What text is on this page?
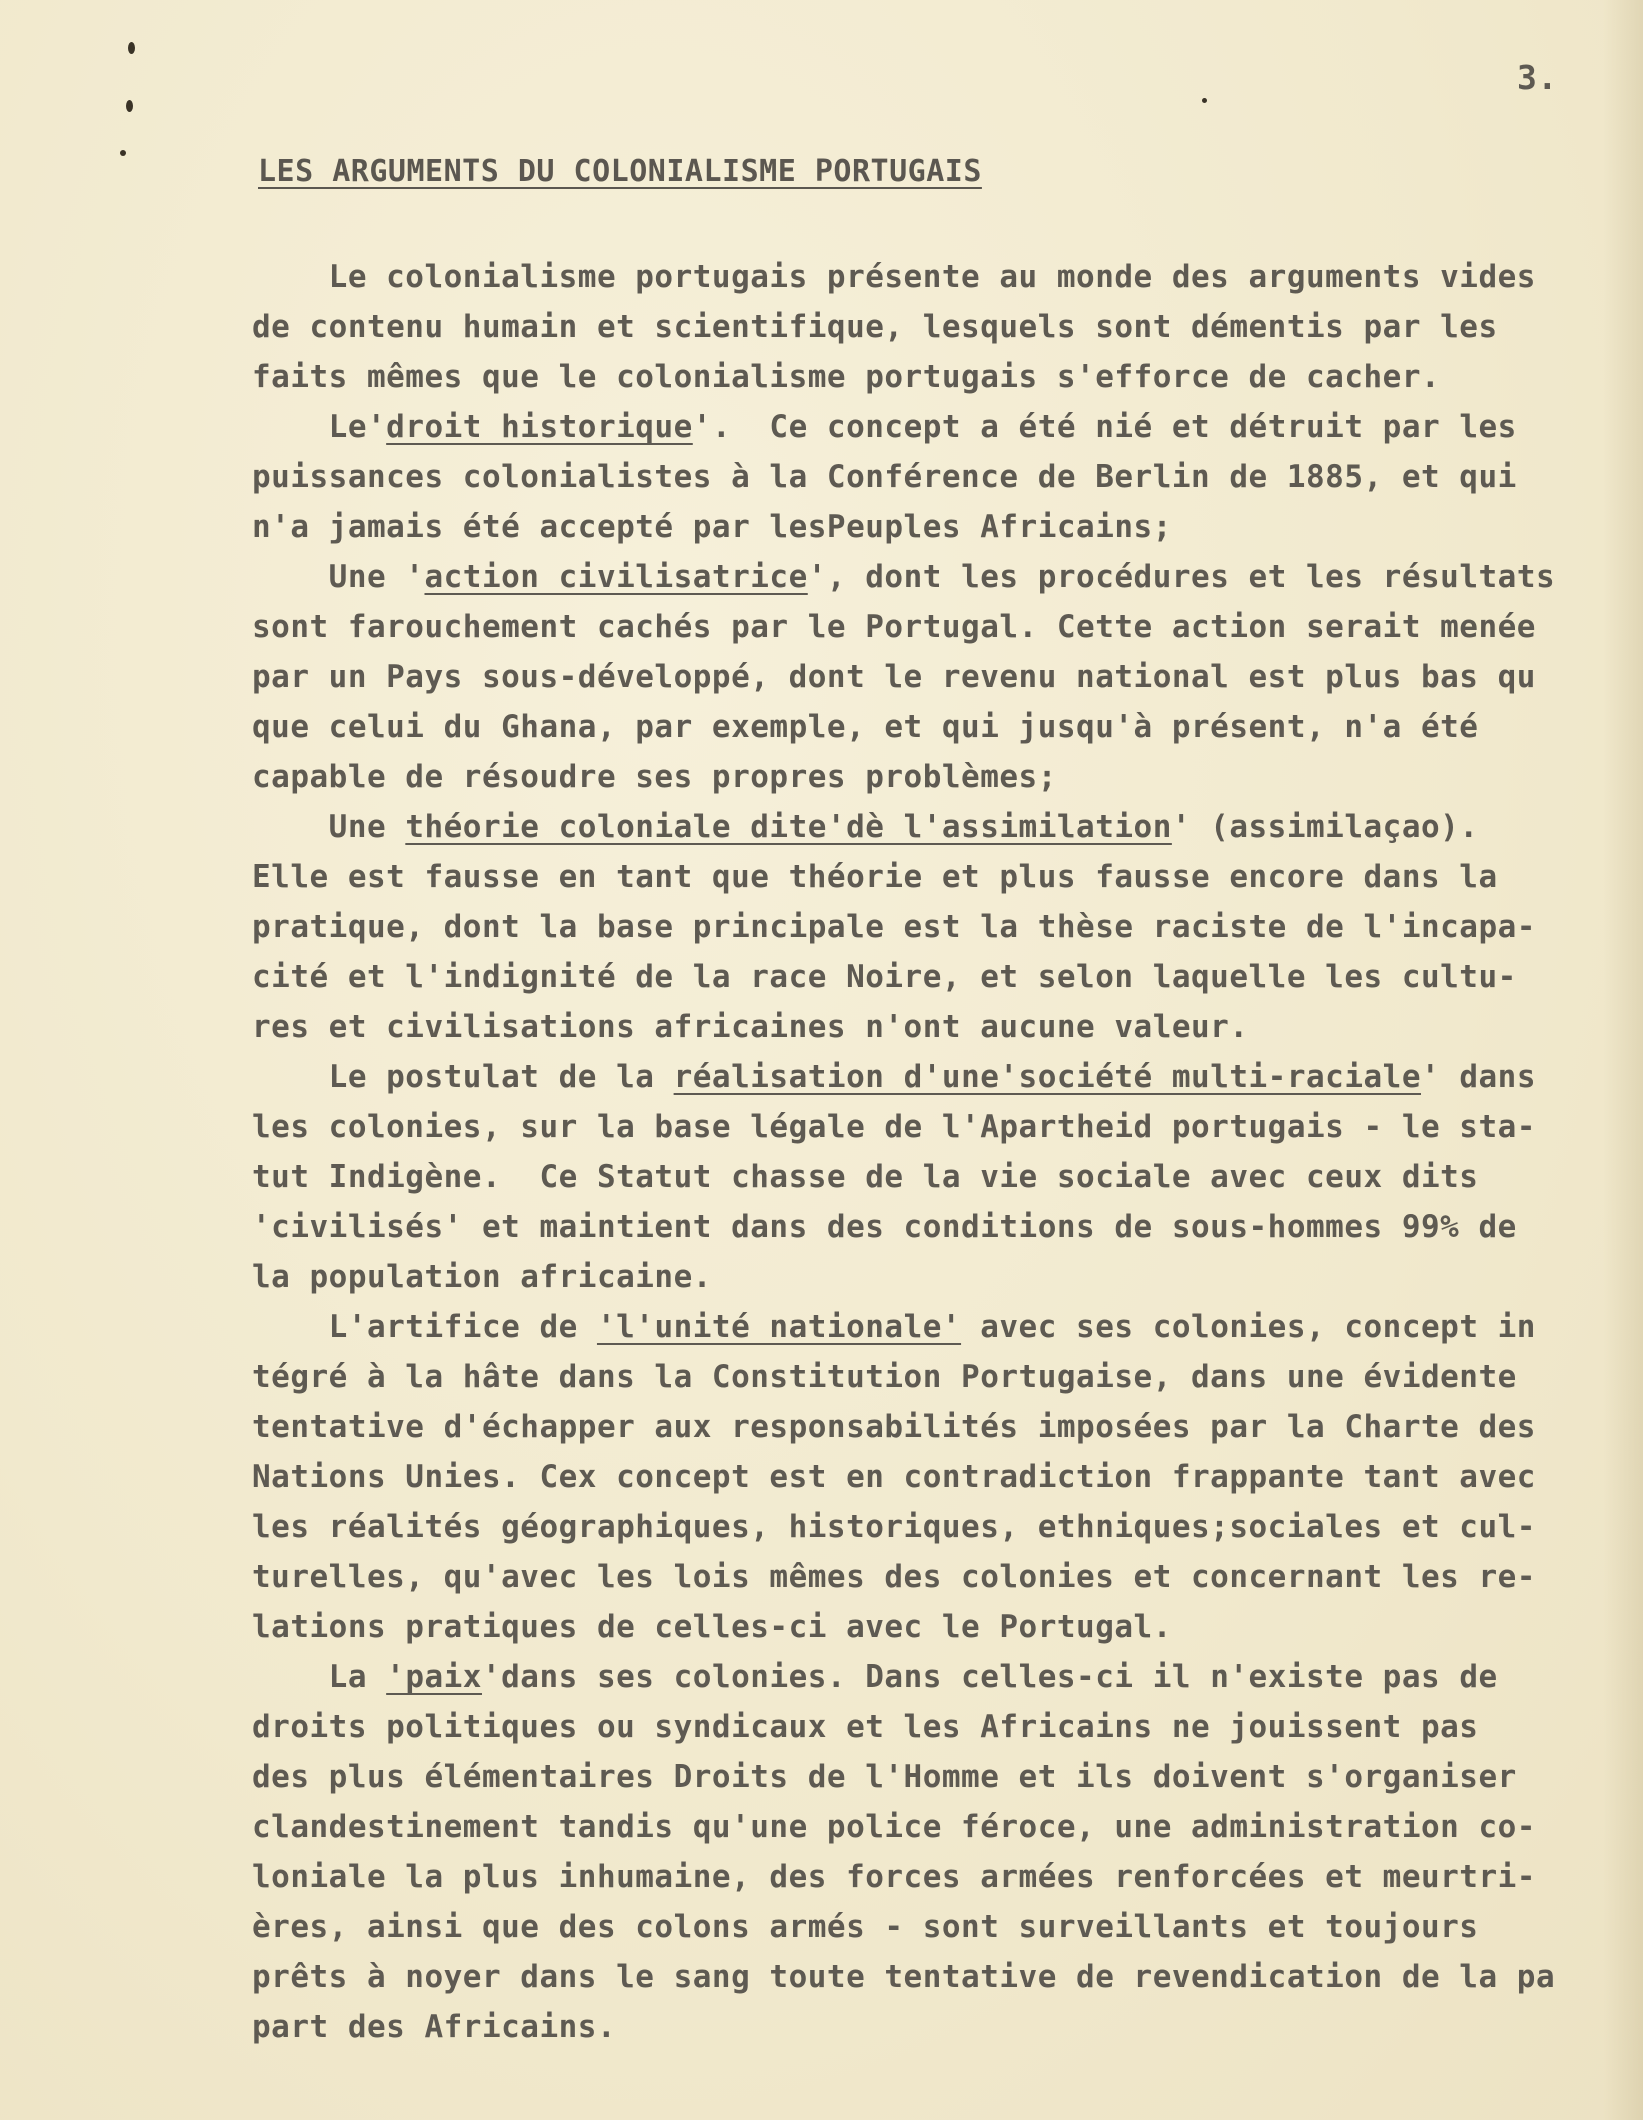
3.
LES ARGUMENTS DU COLONIALISME PORTUGAIS
Le colonialisme portugais présente au monde des arguments vides
de contenu humain et scientifique, lesquels sont démentis par les
faits mêmes que le colonialisme portugais s'efforce de cacher.
Le'droit historique'.  Ce concept a été nié et détruit par les
puissances colonialistes à la Conférence de Berlin de 1885, et qui
n'a jamais été accepté par lesPeuples Africains;
Une 'action civilisatrice', dont les procédures et les résultats
sont farouchement cachés par le Portugal. Cette action serait menée
par un Pays sous-développé, dont le revenu national est plus bas qu
que celui du Ghana, par exemple, et qui jusqu'à présent, n'a été
capable de résoudre ses propres problèmes;
Une théorie coloniale dite'dè l'assimilation' (assimilaçao).
Elle est fausse en tant que théorie et plus fausse encore dans la
pratique, dont la base principale est la thèse raciste de l'incapa-
cité et l'indignité de la race Noire, et selon laquelle les cultu-
res et civilisations africaines n'ont aucune valeur.
Le postulat de la réalisation d'une'société multi-raciale' dans
les colonies, sur la base légale de l'Apartheid portugais - le sta-
tut Indigène.  Ce Statut chasse de la vie sociale avec ceux dits
'civilisés' et maintient dans des conditions de sous-hommes 99% de
la population africaine.
L'artifice de 'l'unité nationale' avec ses colonies, concept in
tégré à la hâte dans la Constitution Portugaise, dans une évidente
tentative d'échapper aux responsabilités imposées par la Charte des
Nations Unies. Cex concept est en contradiction frappante tant avec
les réalités géographiques, historiques, ethniques;sociales et cul-
turelles, qu'avec les lois mêmes des colonies et concernant les re-
lations pratiques de celles-ci avec le Portugal.
La 'paix'dans ses colonies. Dans celles-ci il n'existe pas de
droits politiques ou syndicaux et les Africains ne jouissent pas
des plus élémentaires Droits de l'Homme et ils doivent s'organiser
clandestinement tandis qu'une police féroce, une administration co-
loniale la plus inhumaine, des forces armées renforcées et meurtri-
ères, ainsi que des colons armés - sont surveillants et toujours
prêts à noyer dans le sang toute tentative de revendication de la pa
part des Africains.
